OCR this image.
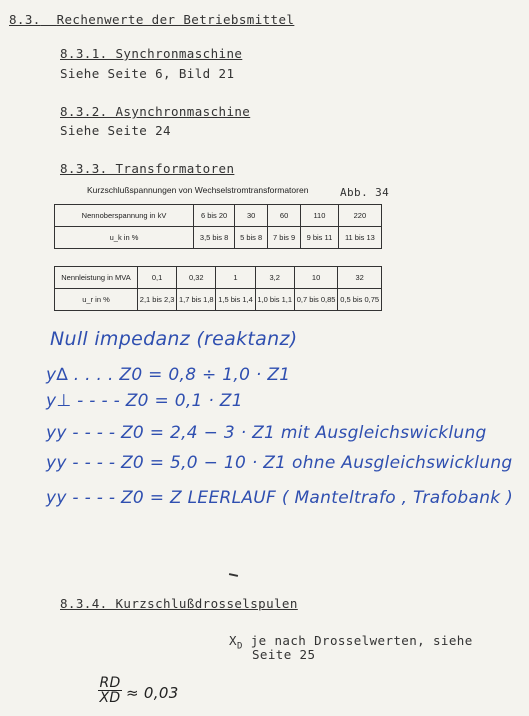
8.3. Rechenwerte der Betriebsmittel
8.3.1. Synchronmaschine
Siehe Seite 6, Bild 21
8.3.2. Asynchronmaschine
Siehe Seite 24
8.3.3. Transformatoren
Kurzschlußspannungen von Wechselstromtransformatoren	Abb. 34
Nennoberspannung in kV	6 bis 20	30	60	110	220
u_k in %	3,5 bis 8	5 bis 8	7 bis 9	9 bis 11	11 bis 13
Nennleistung in MVA	0,1	0,32	1	3,2	10	32
u_r in %	2,1 bis 2,3	1,7 bis 1,8	1,5 bis 1,4	1,0 bis 1,1	0,7 bis 0,85	0,5 bis 0,75
Null impedanz (reaktanz)
y∆ . . . . Z0 = 0,8 ÷ 1,0 · Z1
y⊥ - - - - Z0 = 0,1 · Z1
yy - - - - Z0 = 2,4 − 3 · Z1 mit Ausgleichswicklung
yy - - - - Z0 = 5,0 − 10 · Z1 ohne Ausgleichswicklung
yy - - - - Z0 = Z LEERLAUF ( Manteltrafo , Trafobank )
8.3.4. Kurzschlußdrosselspulen
$X_D$ je nach Drosselwerten, siehe
Seite 25
RD
XD ≈ 0,03
